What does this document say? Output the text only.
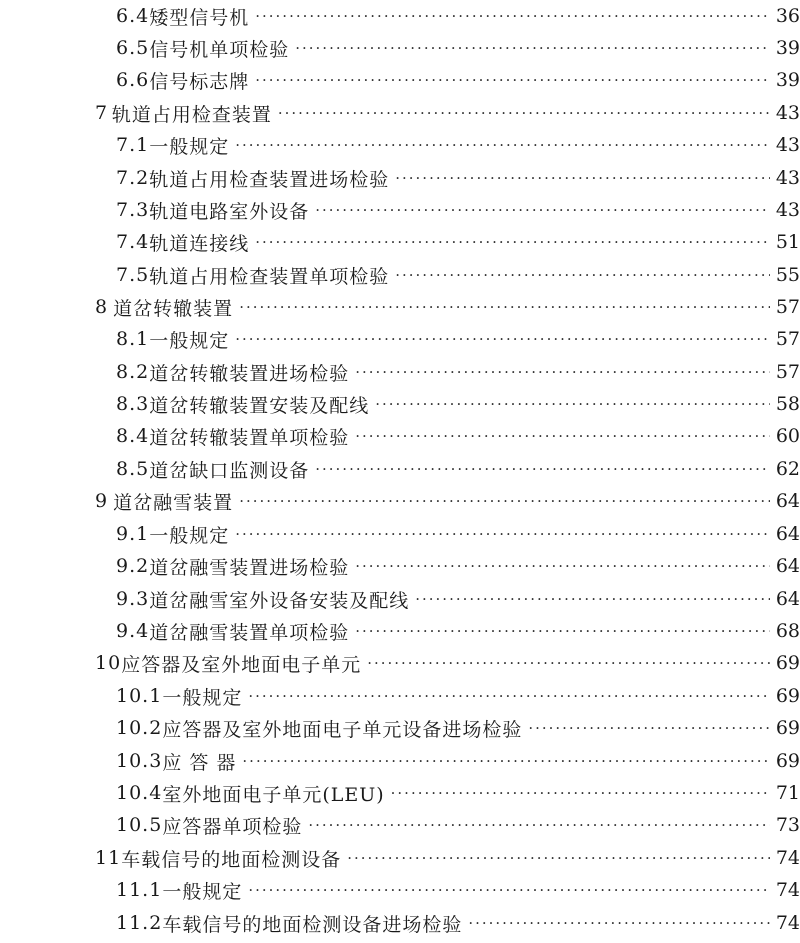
6.4 矮型信号机 ·····	36
6.5 信号机单项检验 ·····	39
6.6 信号标志牌 ·····	39
7 轨道占用检查装置 ·····	43
7.1 一般规定 ·····	43
7.2 轨道占用检查装置进场检验 ·····	43
7.3 轨道电路室外设备 ·····	43
7.4 轨道连接线 ·····	51
7.5 轨道占用检查装置单项检验 ·····	55
8 道岔转辙装置 ·····	57
8.1 一般规定 ·····	57
8.2 道岔转辙装置进场检验 ·····	57
8.3 道岔转辙装置安装及配线 ·····	58
8.4 道岔转辙装置单项检验 ·····	60
8.5 道岔缺口监测设备 ·····	62
9 道岔融雪装置 ·····	64
9.1 一般规定 ·····	64
9.2 道岔融雪装置进场检验 ·····	64
9.3 道岔融雪室外设备安装及配线 ·····	64
9.4 道岔融雪装置单项检验 ·····	68
10 应答器及室外地面电子单元 ·····	69
10.1 一般规定 ·····	69
10.2 应答器及室外地面电子单元设备进场检验 ·····	69
10.3 应 答 器 ·····	69
10.4 室外地面电子单元(LEU) ·····	71
10.5 应答器单项检验 ·····	73
11 车载信号的地面检测设备 ·····	74
11.1 一般规定 ·····	74
11.2 车载信号的地面检测设备进场检验 ·····	74
